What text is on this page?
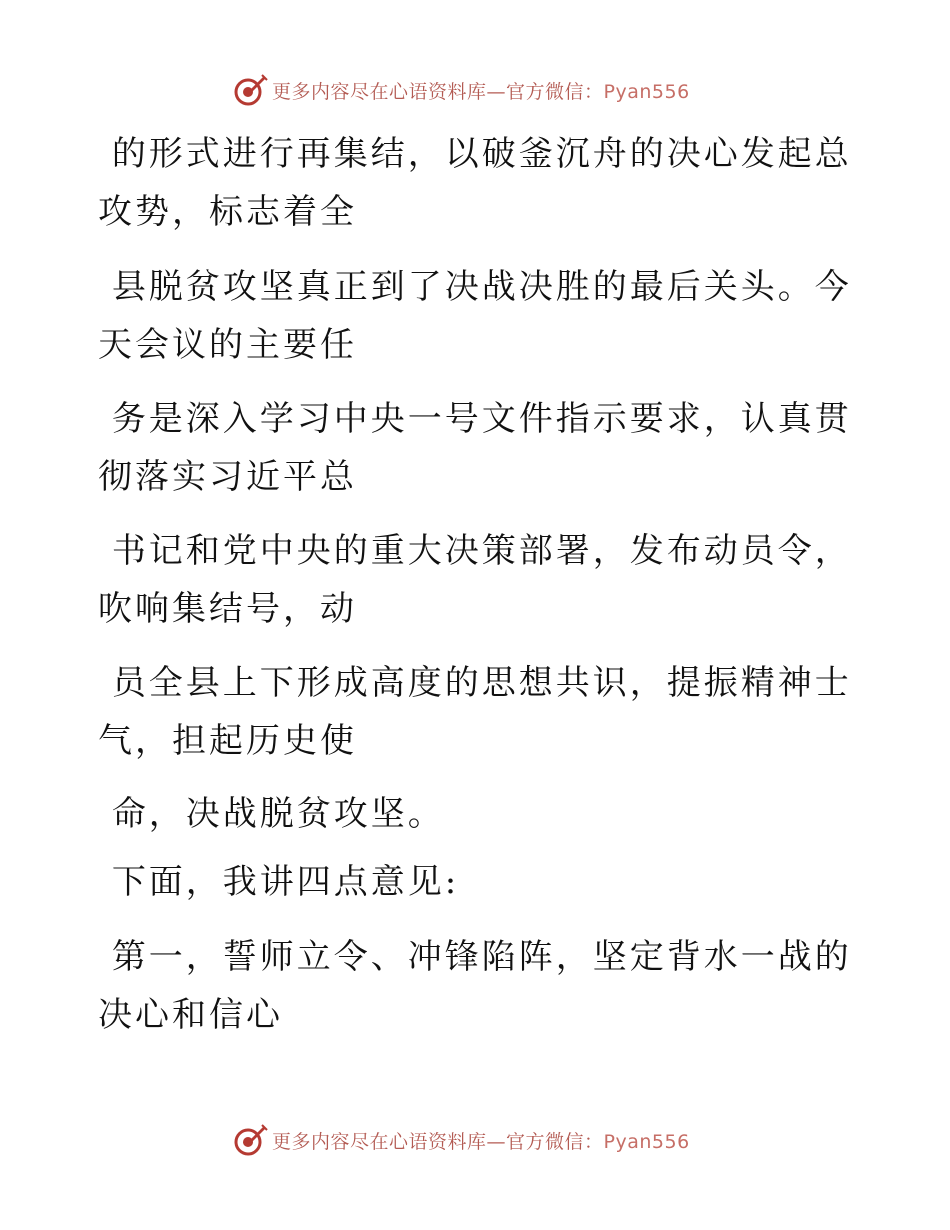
更多内容尽在心语资料库—官方微信：Pyan556
的形式进行再集结，以破釜沉舟的决心发起总攻势，标志着全
县脱贫攻坚真正到了决战决胜的最后关头。今天会议的主要任
务是深入学习中央一号文件指示要求，认真贯彻落实习近平总
书记和党中央的重大决策部署，发布动员令，吹响集结号，动
员全县上下形成高度的思想共识，提振精神士气，担起历史使
命，决战脱贫攻坚。
下面，我讲四点意见:
第一，誓师立令、冲锋陷阵，坚定背水一战的决心和信心
更多内容尽在心语资料库—官方微信：Pyan556
